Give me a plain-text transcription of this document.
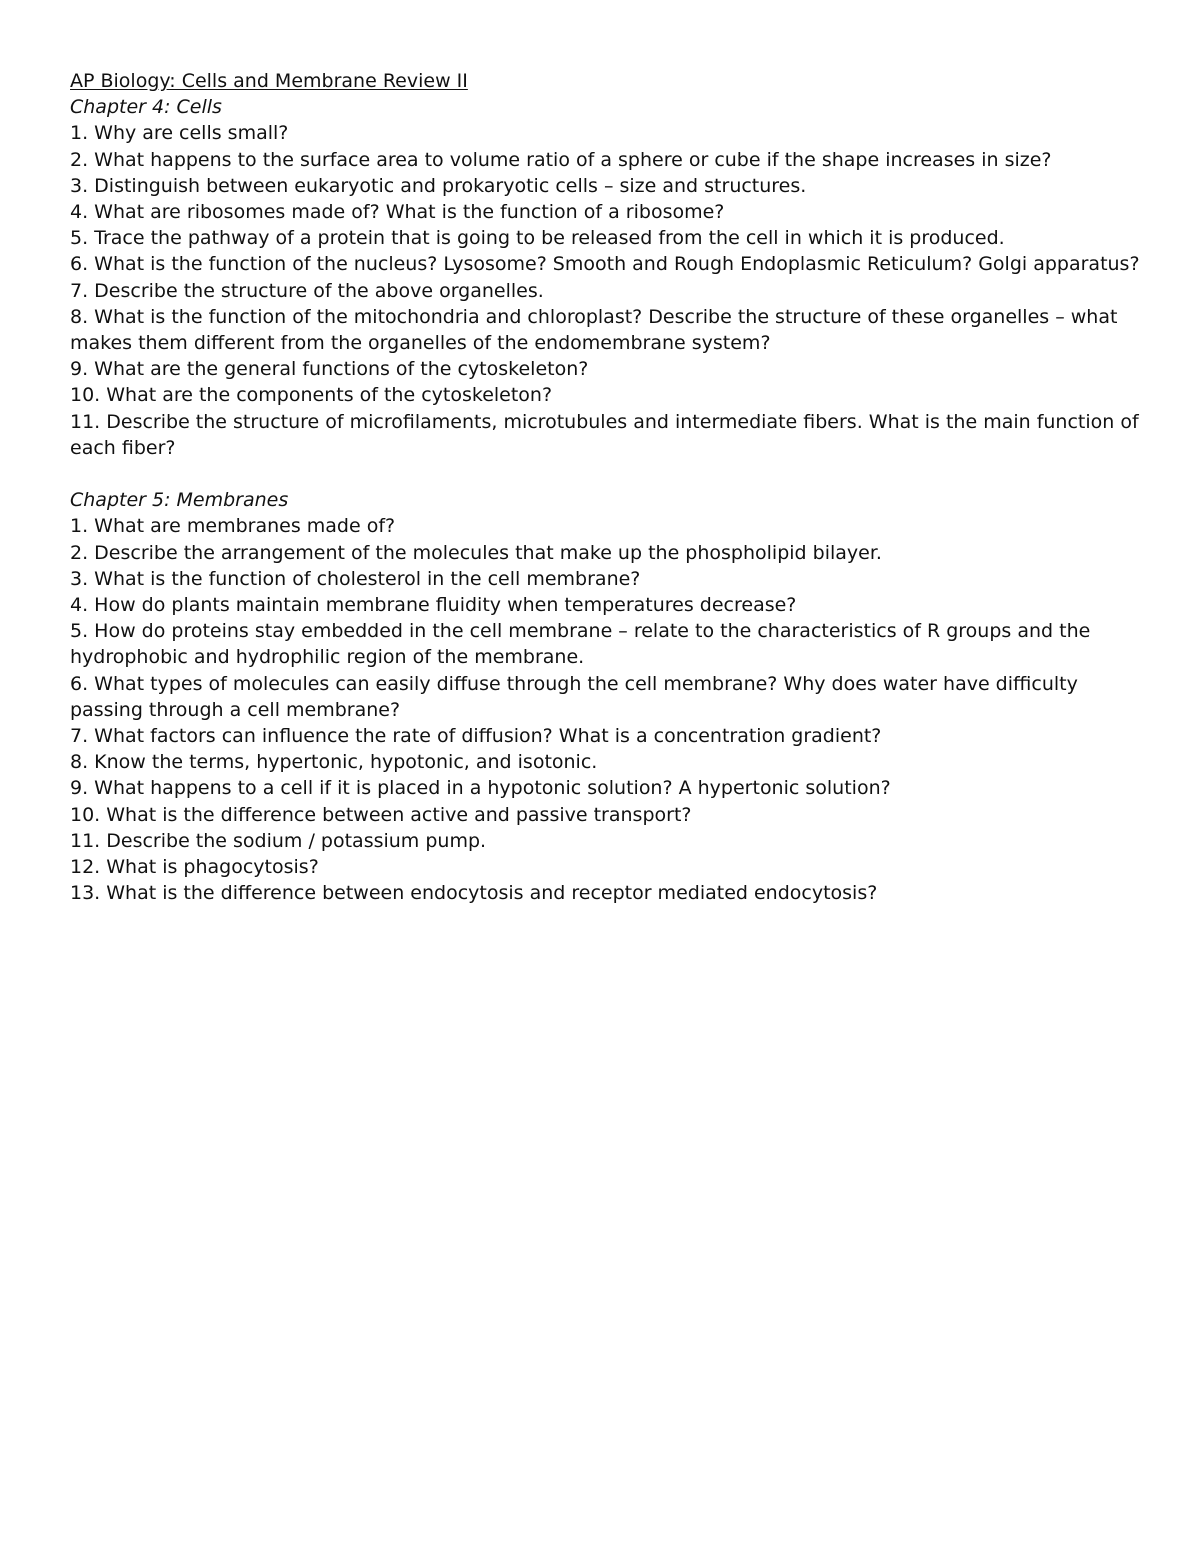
AP Biology: Cells and Membrane Review II
Chapter 4: Cells

1. Why are cells small?

2. What happens to the surface area to volume ratio of a sphere or cube if the shape increases in size?

3. Distinguish between eukaryotic and prokaryotic cells – size and structures.

4. What are ribosomes made of? What is the function of a ribosome?

5. Trace the pathway of a protein that is going to be released from the cell in which it is produced.

6. What is the function of the nucleus? Lysosome? Smooth and Rough Endoplasmic Reticulum? Golgi apparatus?

7. Describe the structure of the above organelles.

8. What is the function of the mitochondria and chloroplast? Describe the structure of these organelles – what makes them different from the organelles of the endomembrane system?

9. What are the general functions of the cytoskeleton?

10. What are the components of the cytoskeleton?

11. Describe the structure of microfilaments, microtubules and intermediate fibers. What is the main function of each fiber?

Chapter 5: Membranes

1. What are membranes made of?

2. Describe the arrangement of the molecules that make up the phospholipid bilayer.

3. What is the function of cholesterol in the cell membrane?

4. How do plants maintain membrane fluidity when temperatures decrease?

5. How do proteins stay embedded in the cell membrane – relate to the characteristics of R groups and the hydrophobic and hydrophilic region of the membrane.

6. What types of molecules can easily diffuse through the cell membrane? Why does water have difficulty passing through a cell membrane?

7. What factors can influence the rate of diffusion? What is a concentration gradient?

8. Know the terms, hypertonic, hypotonic, and isotonic.

9. What happens to a cell if it is placed in a hypotonic solution? A hypertonic solution?

10. What is the difference between active and passive transport?

11. Describe the sodium / potassium pump.

12. What is phagocytosis?

13. What is the difference between endocytosis and receptor mediated endocytosis?
